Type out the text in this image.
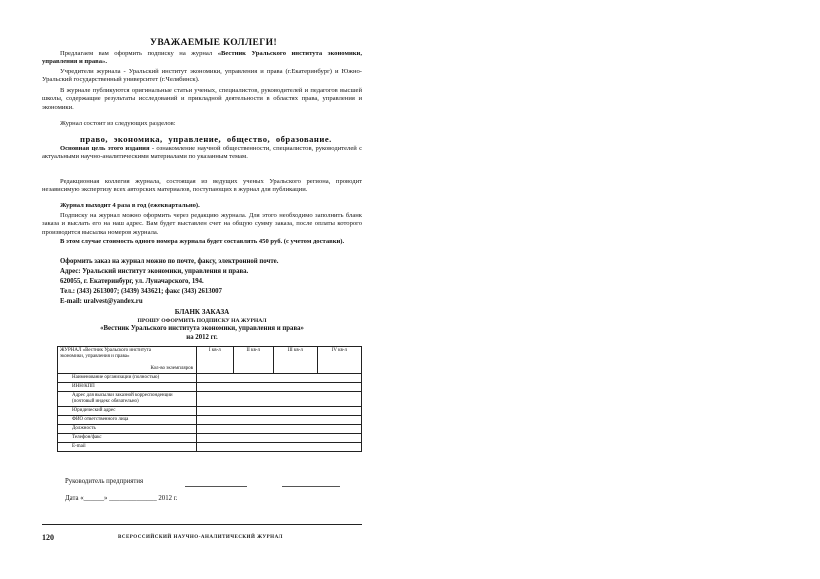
УВАЖАЕМЫЕ КОЛЛЕГИ!
Предлагаем вам оформить подписку на журнал «Вестник Уральского института экономики, управления и права».
Учредители журнала - Уральский институт экономики, управления и права (г.Екатеринбург) и Южно-Уральский государственный университет (г.Челябинск).
В журнале публикуются оригинальные статьи ученых, специалистов, руководителей и педагогов высшей школы, содержащие результаты исследований и прикладной деятельности в областях права, управления и экономики.
Журнал состоит из следующих разделов:
право, экономика, управление, общество, образование.
Основная цель этого издания - ознакомление научной общественности, специалистов, руководителей с актуальными научно-аналитическими материалами по указанным темам.
Редакционная коллегия журнала, состоящая из ведущих ученых Уральского региона, проводит независимую экспертизу всех авторских материалов, поступающих в журнал для публикации.
Журнал выходит 4 раза в год (ежеквартально).
Подписку на журнал можно оформить через редакцию журнала. Для этого необходимо заполнить бланк заказа и выслать его на наш адрес. Вам будет выставлен счет на общую сумму заказа, после оплаты которого производится высылка номеров журнала.
В этом случае стоимость одного номера журнала будет составлять 450 руб. (с учетом доставки).
Оформить заказ на журнал можно по почте, факсу, электронной почте.
Адрес: Уральский институт экономики, управления и права.
620055, г. Екатеринбург, ул. Луначарского, 194.
Тел.: (343) 2613007; (3439) 343621; факс (343) 2613007
E-mail: uralvest@yandex.ru
БЛАНК ЗАКАЗА
ПРОШУ ОФОРМИТЬ ПОДПИСКУ НА ЖУРНАЛ
«Вестник Уральского института экономики, управления и права»
на 2012 гг.
ЖУРНАЛ «Вестник Уральского института экономики, управления и права»
Кол-во экземпляров	I кв-л	II кв-л	III кв-л	IV кв-л
Наименование организации (полностью)				
ИНН/КПП				
Адрес для высылки заказной корреспонденции (почтовый индекс обязательно)				
Юридический адрес				
ФИО ответственного лица				
Должность				
Телефон/факс				
E-mail				
Руководитель предприятия
Дата «______» ______________ 2012 г.
120	ВСЕРОССИЙСКИЙ НАУЧНО-АНАЛИТИЧЕСКИЙ ЖУРНАЛ
